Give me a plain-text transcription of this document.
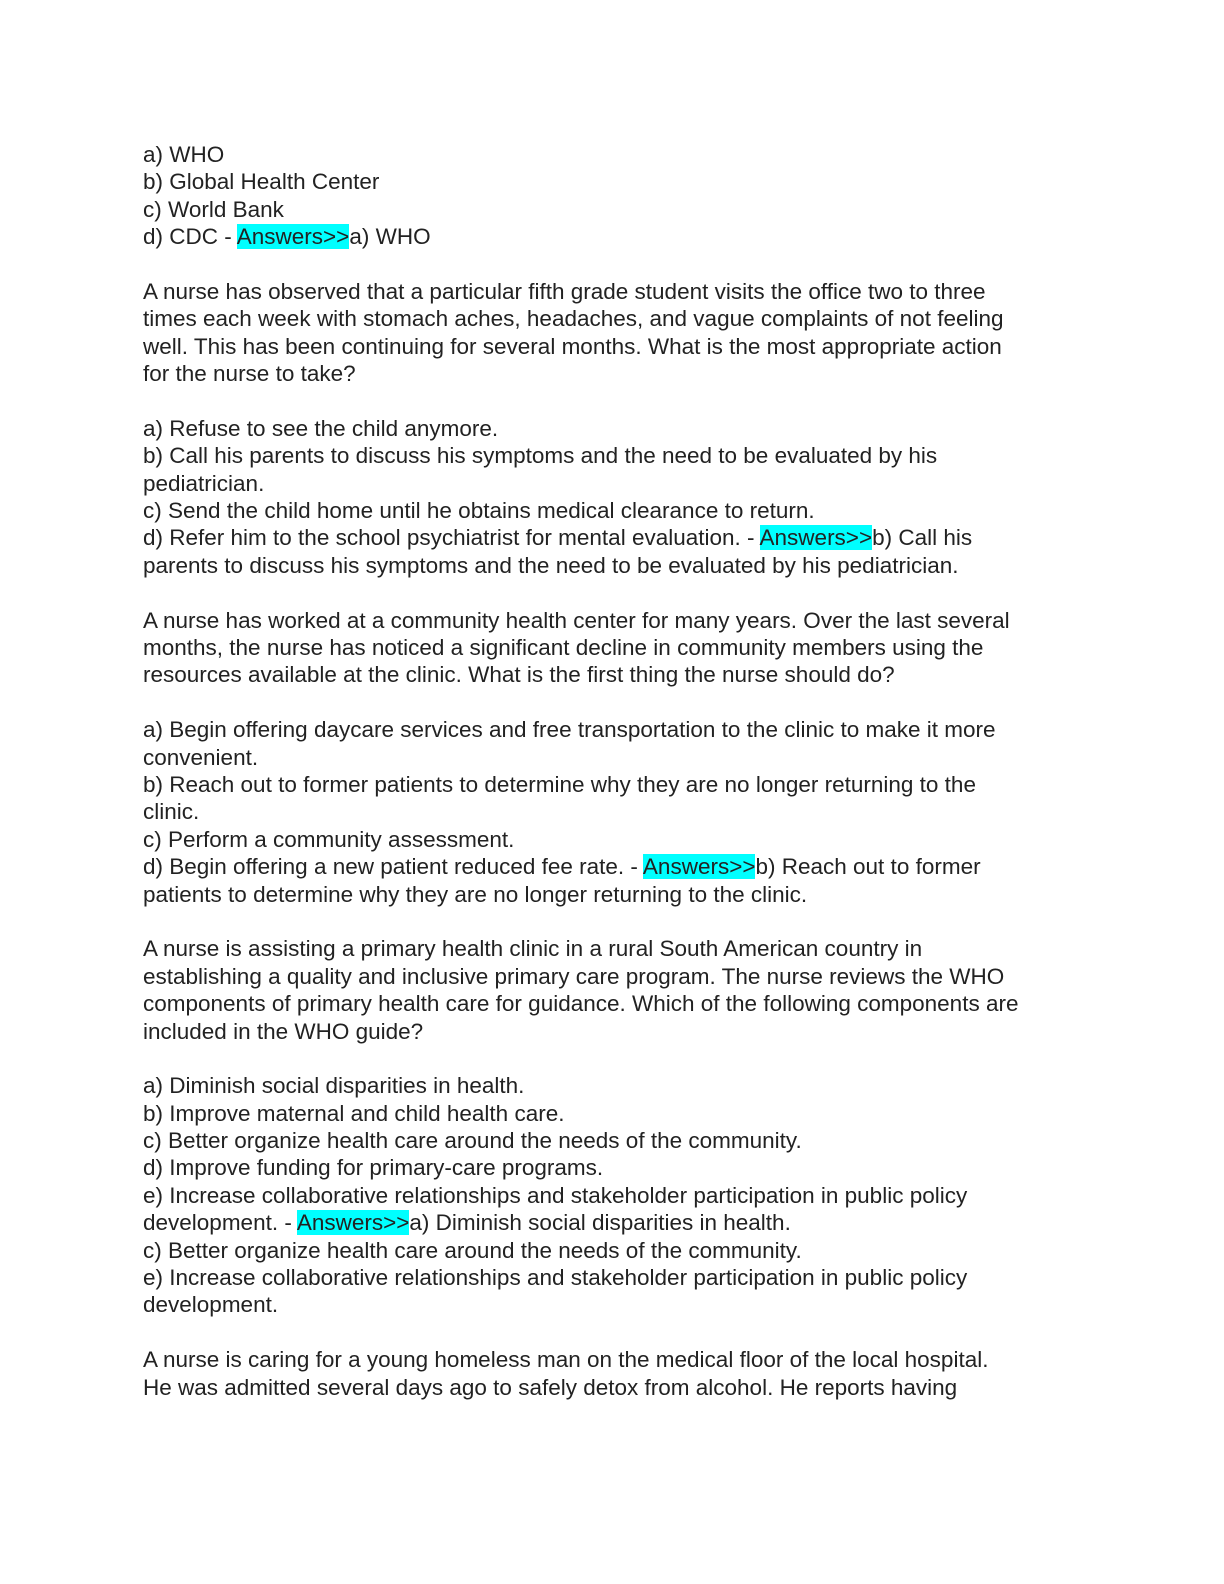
a) WHO
b) Global Health Center
c) World Bank
d) CDC - Answers>>a) WHO
A nurse has observed that a particular fifth grade student visits the office two to three
times each week with stomach aches, headaches, and vague complaints of not feeling
well. This has been continuing for several months. What is the most appropriate action
for the nurse to take?
a) Refuse to see the child anymore.
b) Call his parents to discuss his symptoms and the need to be evaluated by his
pediatrician.
c) Send the child home until he obtains medical clearance to return.
d) Refer him to the school psychiatrist for mental evaluation. - Answers>>b) Call his
parents to discuss his symptoms and the need to be evaluated by his pediatrician.
A nurse has worked at a community health center for many years. Over the last several
months, the nurse has noticed a significant decline in community members using the
resources available at the clinic. What is the first thing the nurse should do?
a) Begin offering daycare services and free transportation to the clinic to make it more
convenient.
b) Reach out to former patients to determine why they are no longer returning to the
clinic.
c) Perform a community assessment.
d) Begin offering a new patient reduced fee rate. - Answers>>b) Reach out to former
patients to determine why they are no longer returning to the clinic.
A nurse is assisting a primary health clinic in a rural South American country in
establishing a quality and inclusive primary care program. The nurse reviews the WHO
components of primary health care for guidance. Which of the following components are
included in the WHO guide?
a) Diminish social disparities in health.
b) Improve maternal and child health care.
c) Better organize health care around the needs of the community.
d) Improve funding for primary-care programs.
e) Increase collaborative relationships and stakeholder participation in public policy
development. - Answers>>a) Diminish social disparities in health.
c) Better organize health care around the needs of the community.
e) Increase collaborative relationships and stakeholder participation in public policy
development.
A nurse is caring for a young homeless man on the medical floor of the local hospital.
He was admitted several days ago to safely detox from alcohol. He reports having
